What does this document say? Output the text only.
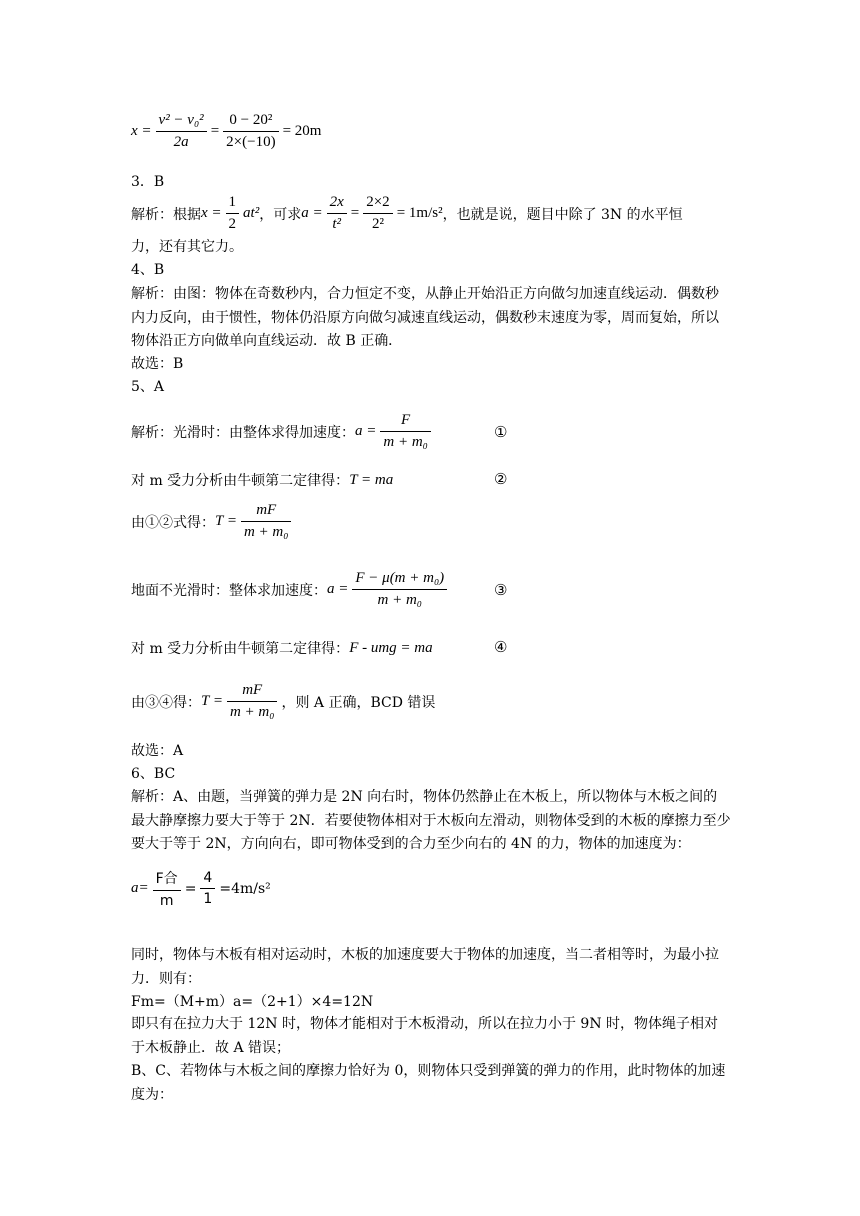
$x = \frac{\text{v² − v₀²}}{2a} = \frac{\text{0 − 20²}}{2\times(-10)} = 20m$
3．B
解析：根据 $x = \frac{1}{2} at^2$ ，可求 $a = \frac{2x}{\text{t²}} = \frac{2\times 2}{\text{2²}} = 1m/s^2$ ，也就是说，题目中除了 3N 的水平恒
力，还有其它力。
4、B
解析：由图：物体在奇数秒内，合力恒定不变，从静止开始沿正方向做匀加速直线运动．偶数秒内力反向，由于惯性，物体仍沿原方向做匀减速直线运动，偶数秒末速度为零，周而复始，所以物体沿正方向做单向直线运动．故 B 正确．
故选：B
5、A
解析：光滑时：由整体求得加速度： $a = \frac{F}{\text{m + m₀}}$	①
对 m 受力分析由牛顿第二定律得： T = ma	②
由①②式得： $T = \frac{mF}{\text{m + m₀}}$
地面不光滑时：整体求加速度： $a = \frac{\text{F − μ(m + m₀)}}{\text{m + m₀}}$	③
对 m 受力分析由牛顿第二定律得： F - umg = ma	④
由③④得： $T = \frac{mF}{\text{m + m₀}}$ ，则 A 正确，BCD 错误
故选：A
6、BC
解析：A、由题，当弹簧的弹力是 2N 向右时，物体仍然静止在木板上，所以物体与木板之间的最大静摩擦力要大于等于 2N．若要使物体相对于木板向左滑动，则物体受到的木板的摩擦力至少要大于等于 2N，方向向右，即可物体受到的合力至少向右的 4N 的力，物体的加速度为：
$a= \frac{\text{F合}}{m} = \frac{4}{1} =4m/s^2$
同时，物体与木板有相对运动时，木板的加速度要大于物体的加速度，当二者相等时，为最小拉力．则有：
Fm=（M+m）a=（2+1）×4=12N
即只有在拉力大于 12N 时，物体才能相对于木板滑动，所以在拉力小于 9N 时，物体绳子相对于木板静止．故 A 错误；
B、C、若物体与木板之间的摩擦力恰好为 0，则物体只受到弹簧的弹力的作用，此时物体的加速度为：
